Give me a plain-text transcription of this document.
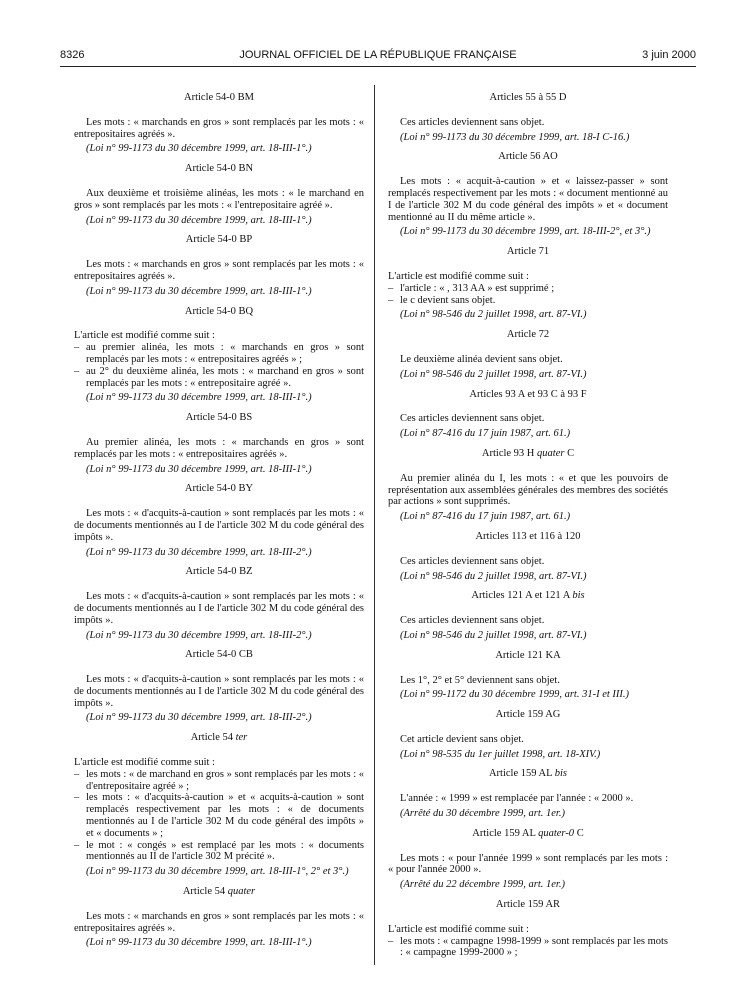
8326	JOURNAL OFFICIEL DE LA RÉPUBLIQUE FRANÇAISE	3 juin 2000
Article 54-0 BM

Les mots : « marchands en gros » sont remplacés par les mots : « entrepositaires agréés ».

(Loi n° 99-1173 du 30 décembre 1999, art. 18-III-1°.)

Article 54-0 BN

Aux deuxième et troisième alinéas, les mots : « le marchand en gros » sont remplacés par les mots : « l'entrepositaire agréé ».

(Loi n° 99-1173 du 30 décembre 1999, art. 18-III-1°.)

Article 54-0 BP

Les mots : « marchands en gros » sont remplacés par les mots : « entrepositaires agréés ».

(Loi n° 99-1173 du 30 décembre 1999, art. 18-III-1°.)

Article 54-0 BQ

L'article est modifié comme suit :

– au premier alinéa, les mots : « marchands en gros » sont remplacés par les mots : « entrepositaires agréés » ;
– au 2° du deuxième alinéa, les mots : « marchand en gros » sont remplacés par les mots : « entrepositaire agréé ».

(Loi n° 99-1173 du 30 décembre 1999, art. 18-III-1°.)

Article 54-0 BS

Au premier alinéa, les mots : « marchands en gros » sont remplacés par les mots : « entrepositaires agréés ».

(Loi n° 99-1173 du 30 décembre 1999, art. 18-III-1°.)

Article 54-0 BY

Les mots : « d'acquits-à-caution » sont remplacés par les mots : « de documents mentionnés au I de l'article 302 M du code général des impôts ».

(Loi n° 99-1173 du 30 décembre 1999, art. 18-III-2°.)

Article 54-0 BZ

Les mots : « d'acquits-à-caution » sont remplacés par les mots : « de documents mentionnés au I de l'article 302 M du code général des impôts ».

(Loi n° 99-1173 du 30 décembre 1999, art. 18-III-2°.)

Article 54-0 CB

Les mots : « d'acquits-à-caution » sont remplacés par les mots : « de documents mentionnés au I de l'article 302 M du code général des impôts ».

(Loi n° 99-1173 du 30 décembre 1999, art. 18-III-2°.)

Article 54 ter

L'article est modifié comme suit :

– les mots : « de marchand en gros » sont remplacés par les mots : « d'entrepositaire agréé » ;
– les mots : « d'acquits-à-caution » et « acquits-à-caution » sont remplacés respectivement par les mots : « de documents mentionnés au I de l'article 302 M du code général des impôts » et « documents » ;
– le mot : « congés » est remplacé par les mots : « documents mentionnés au II de l'article 302 M précité ».

(Loi n° 99-1173 du 30 décembre 1999, art. 18-III-1°, 2° et 3°.)

Article 54 quater

Les mots : « marchands en gros » sont remplacés par les mots : « entrepositaires agréés ».

(Loi n° 99-1173 du 30 décembre 1999, art. 18-III-1°.)

Articles 55 à 55 D

Ces articles deviennent sans objet.

(Loi n° 99-1173 du 30 décembre 1999, art. 18-I C-16.)

Article 56 AO

Les mots : « acquit-à-caution » et « laissez-passer » sont remplacés respectivement par les mots : « document mentionné au I de l'article 302 M du code général des impôts » et « document mentionné au II du même article ».

(Loi n° 99-1173 du 30 décembre 1999, art. 18-III-2°, et 3°.)

Article 71

L'article est modifié comme suit :

– l'article : « , 313 AA » est supprimé ;
– le c devient sans objet.

(Loi n° 98-546 du 2 juillet 1998, art. 87-VI.)

Article 72

Le deuxième alinéa devient sans objet.

(Loi n° 98-546 du 2 juillet 1998, art. 87-VI.)

Articles 93 A et 93 C à 93 F

Ces articles deviennent sans objet.

(Loi n° 87-416 du 17 juin 1987, art. 61.)

Article 93 H quater C

Au premier alinéa du I, les mots : « et que les pouvoirs de représentation aux assemblées générales des membres des sociétés par actions » sont supprimés.

(Loi n° 87-416 du 17 juin 1987, art. 61.)

Articles 113 et 116 à 120

Ces articles deviennent sans objet.

(Loi n° 98-546 du 2 juillet 1998, art. 87-VI.)

Articles 121 A et 121 A bis

Ces articles deviennent sans objet.

(Loi n° 98-546 du 2 juillet 1998, art. 87-VI.)

Article 121 KA

Les 1°, 2° et 5° deviennent sans objet.

(Loi n° 99-1172 du 30 décembre 1999, art. 31-I et III.)

Article 159 AG

Cet article devient sans objet.

(Loi n° 98-535 du 1er juillet 1998, art. 18-XIV.)

Article 159 AL bis

L'année : « 1999 » est remplacée par l'année : « 2000 ».

(Arrêté du 30 décembre 1999, art. 1er.)

Article 159 AL quater-0 C

Les mots : « pour l'année 1999 » sont remplacés par les mots : « pour l'année 2000 ».

(Arrêté du 22 décembre 1999, art. 1er.)

Article 159 AR

L'article est modifié comme suit :

– les mots : « campagne 1998-1999 » sont remplacés par les mots : « campagne 1999-2000 » ;
